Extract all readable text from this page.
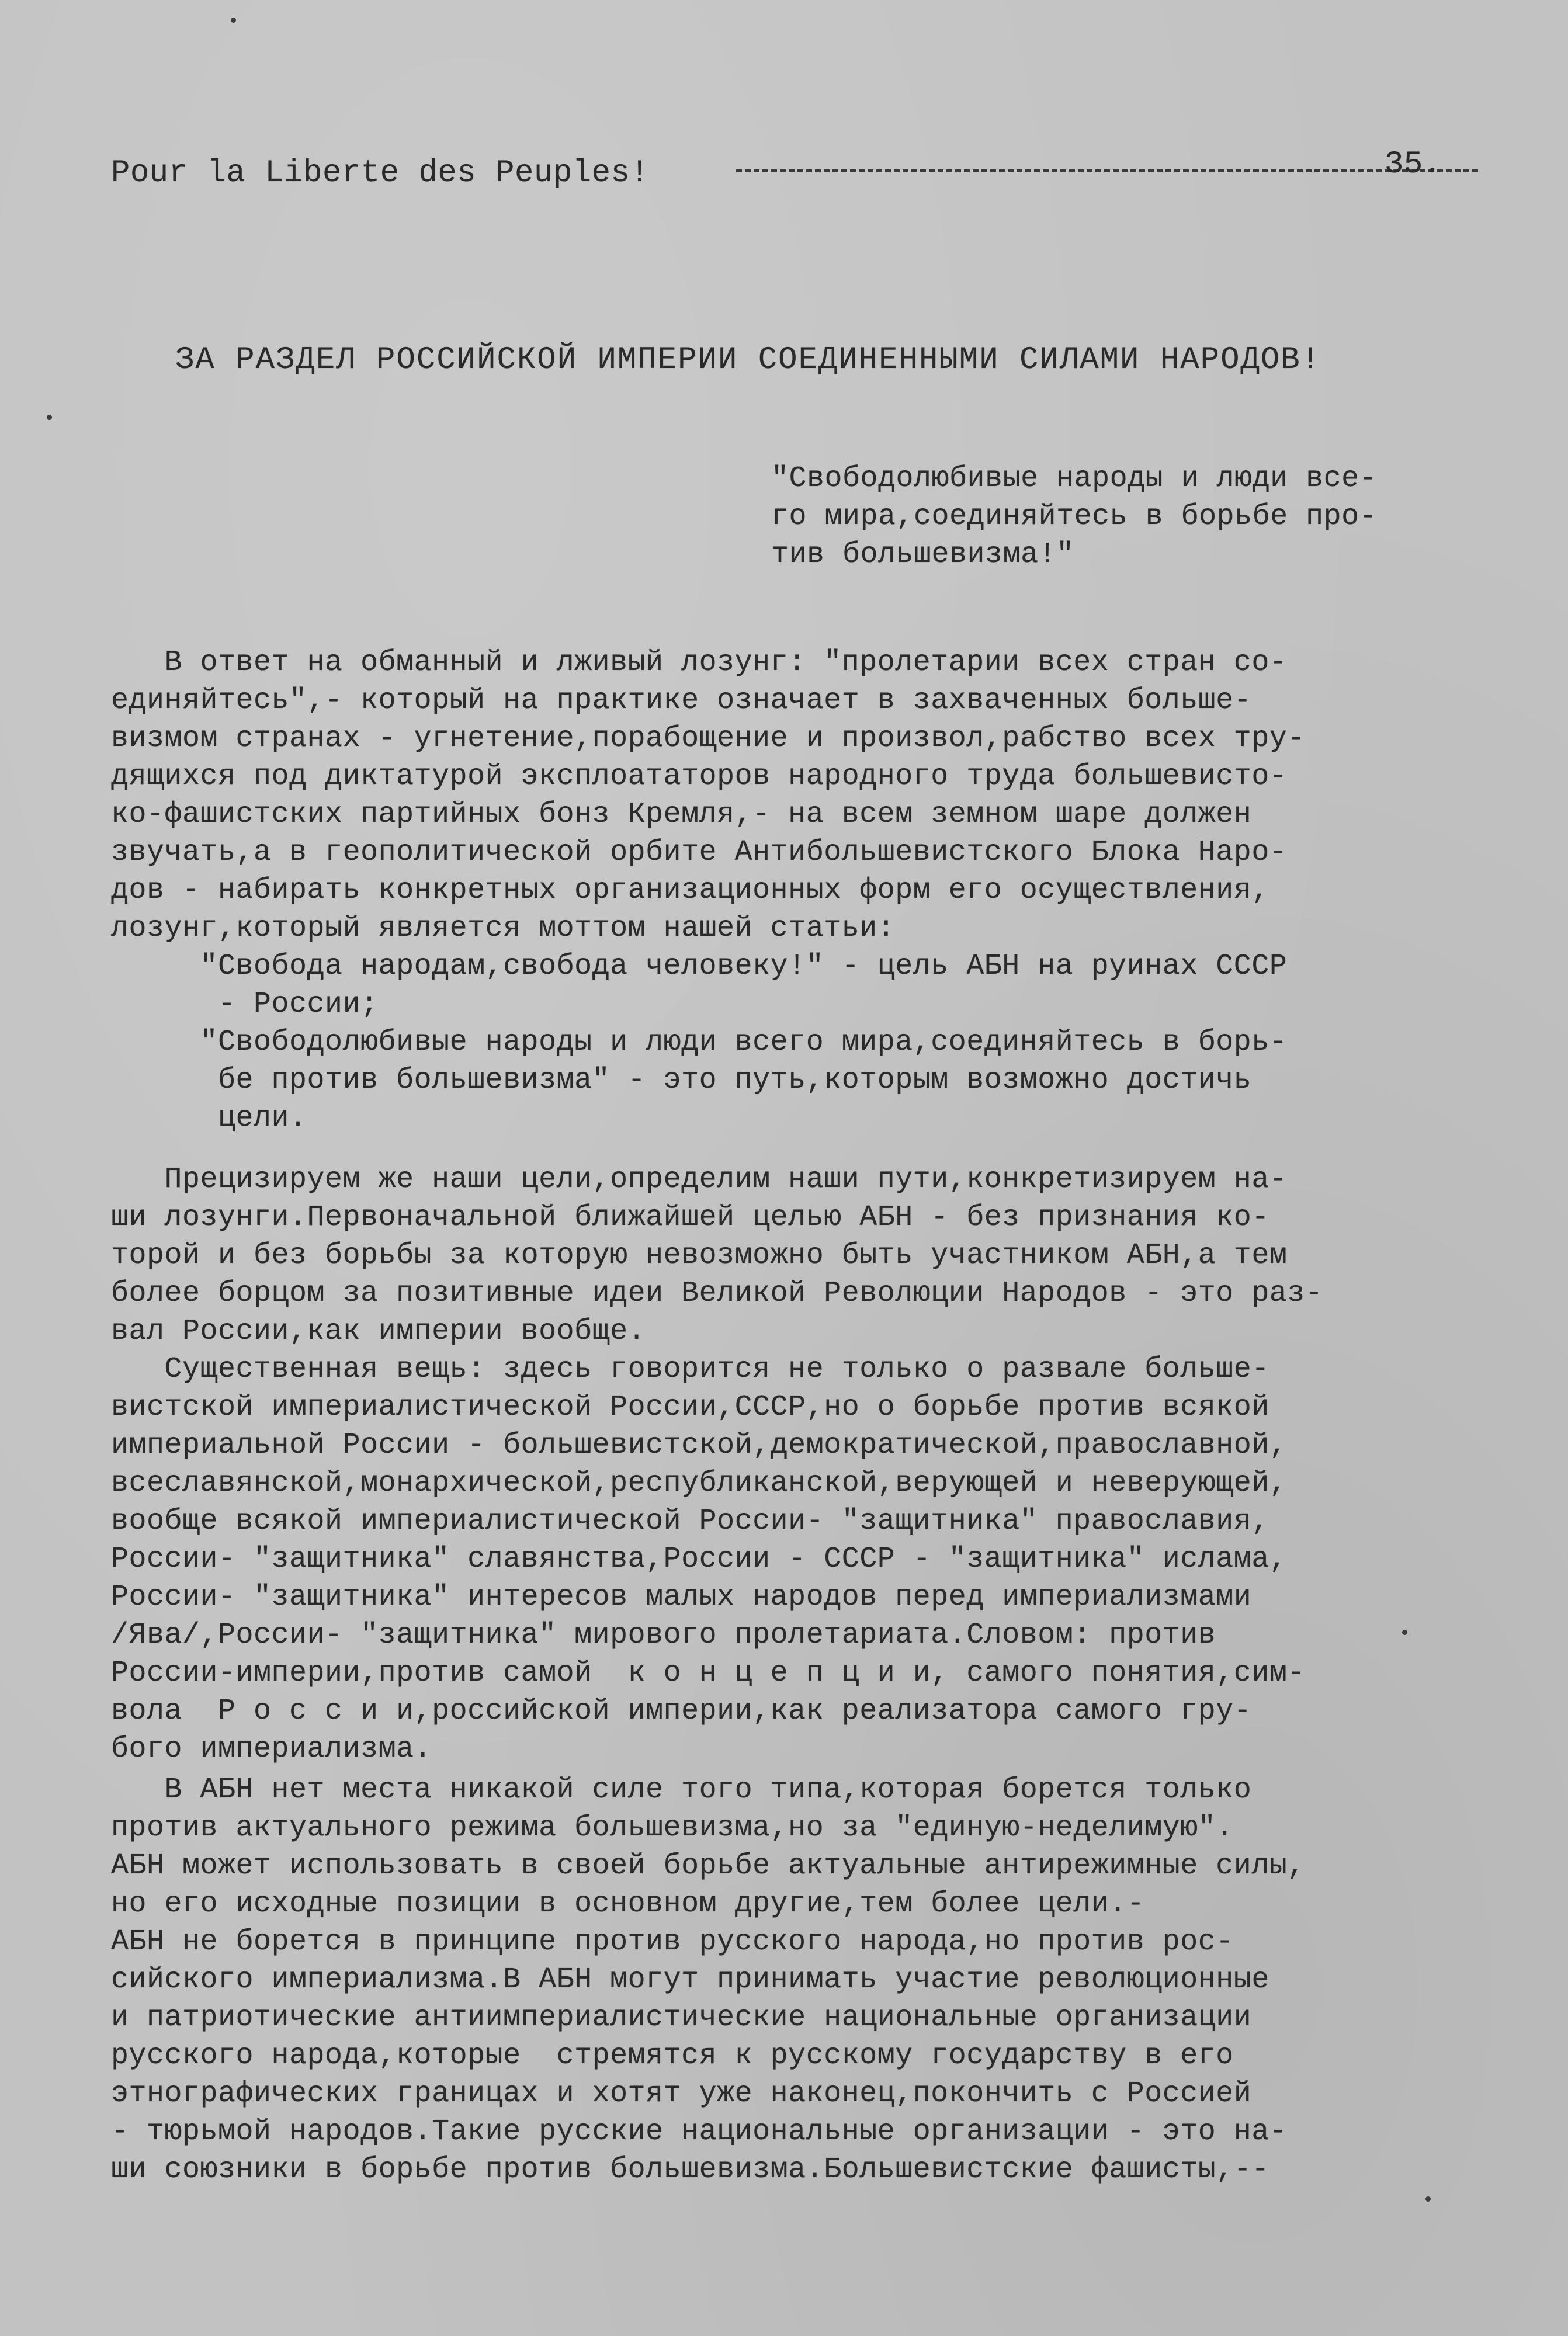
Pour la Liberte des Peuples!	35.
ЗА РАЗДЕЛ РОССИЙСКОЙ ИМПЕРИИ СОЕДИНЕННЫМИ СИЛАМИ НАРОДОВ!
"Свободолюбивые народы и люди все-
го мира,соединяйтесь в борьбе про-
тив большевизма!"
В ответ на обманный и лживый лозунг: "пролетарии всех стран со-
единяйтесь",- который на практике означает в захваченных больше-
визмом странах - угнетение,порабощение и произвол,рабство всех тру-
дящихся под диктатурой эксплоататоров народного труда большевисто-
ко-фашистских партийных бонз Кремля,- на всем земном шаре должен
звучать,а в геополитической орбите Антибольшевистского Блока Наро-
дов - набирать конкретных организационных форм его осуществления,
лозунг,который является моттом нашей статьи:
"Свобода народам,свобода человеку!" - цель АБН на руинах СССР
- России;
"Свободолюбивые народы и люди всего мира,соединяйтесь в борь-
бе против большевизма" - это путь,которым возможно достичь
цели.
Прецизируем же наши цели,определим наши пути,конкретизируем на-
ши лозунги.Первоначальной ближайшей целью АБН - без признания ко-
торой и без борьбы за которую невозможно быть участником АБН,а тем
более борцом за позитивные идеи Великой Революции Народов - это раз-
вал России,как империи вообще.
Существенная вещь: здесь говорится не только о развале больше-
вистской империалистической России,СССР,но о борьбе против всякой
империальной России - большевистской,демократической,православной,
всеславянской,монархической,республиканской,верующей и неверующей,
вообще всякой империалистической России- "защитника" православия,
России- "защитника" славянства,России - СССР - "защитника" ислама,
России- "защитника" интересов малых народов перед империализмами
/Ява/,России- "защитника" мирового пролетариата.Словом: против
России-империи,против самой  к о н ц е п ц и и, самого понятия,сим-
вола  Р о с с и и,российской империи,как реализатора самого гру-
бого империализма.
В АБН нет места никакой силе того типа,которая борется только
против актуального режима большевизма,но за "единую-неделимую".
АБН может использовать в своей борьбе актуальные антирежимные силы,
но его исходные позиции в основном другие,тем более цели.-
АБН не борется в принципе против русского народа,но против рос-
сийского империализма.В АБН могут принимать участие революционные
и патриотические антиимпериалистические национальные организации
русского народа,которые  стремятся к русскому государству в его
этнографических границах и хотят уже наконец,покончить с Россией
- тюрьмой народов.Такие русские национальные организации - это на-
ши союзники в борьбе против большевизма.Большевистские фашисты,--
